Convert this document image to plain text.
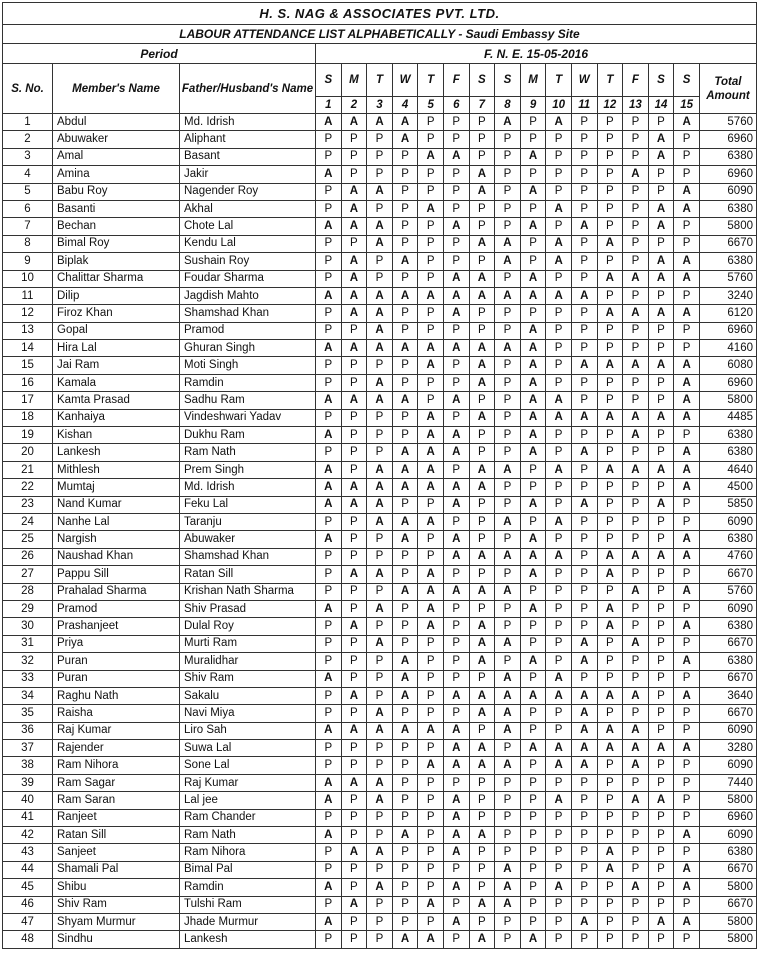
H. S. NAG & ASSOCIATES PVT. LTD.																		
LABOUR ATTENDANCE LIST ALPHABETICALLY - Saudi Embassy Site																		
Period			F. N. E. 15-05-2016															
S. No.	Member's Name	Father/Husband's Name	S	M	T	W	T	F	S	S	M	T	W	T	F	S	S	Total Amount
			1	2	3	4	5	6	7	8	9	10	11	12	13	14	15	
1	Abdul	Md. Idrish	A	A	A	A	P	P	P	A	P	A	P	P	P	P	A	5760
2	Abuwaker	Aliphant	P	P	P	A	P	P	P	P	P	P	P	P	P	A	P	6960
3	Amal	Basant	P	P	P	P	A	A	P	P	A	P	P	P	P	A	P	6380
4	Amina	Jakir	A	P	P	P	P	P	A	P	P	P	P	P	A	P	P	6960
5	Babu Roy	Nagender Roy	P	A	A	P	P	P	A	P	A	P	P	P	P	P	A	6090
6	Basanti	Akhal	P	A	P	P	A	P	P	P	P	A	P	P	P	A	A	6380
7	Bechan	Chote Lal	A	A	A	P	P	A	P	P	A	P	A	P	P	A	P	5800
8	Bimal Roy	Kendu Lal	P	P	A	P	P	P	A	A	P	A	P	A	P	P	P	6670
9	Biplak	Sushain Roy	P	A	P	A	P	P	P	A	P	A	P	P	P	A	A	6380
10	Chalittar Sharma	Foudar Sharma	P	A	P	P	P	A	A	P	A	P	P	A	A	A	A	5760
11	Dilip	Jagdish Mahto	A	A	A	A	A	A	A	A	A	A	A	P	P	P	P	3240
12	Firoz Khan	Shamshad Khan	P	A	A	P	P	A	P	P	P	P	P	A	A	A	A	6120
13	Gopal	Pramod	P	P	A	P	P	P	P	P	A	P	P	P	P	P	P	6960
14	Hira Lal	Ghuran Singh	A	A	A	A	A	A	A	A	A	P	P	P	P	P	P	4160
15	Jai Ram	Moti Singh	P	P	P	P	A	P	A	P	A	P	A	A	A	A	A	6080
16	Kamala	Ramdin	P	P	A	P	P	P	A	P	A	P	P	P	P	P	A	6960
17	Kamta Prasad	Sadhu Ram	A	A	A	A	P	A	P	P	A	A	P	P	P	P	A	5800
18	Kanhaiya	Vindeshwari Yadav	P	P	P	P	A	P	A	P	A	A	A	A	A	A	A	4485
19	Kishan	Dukhu Ram	A	P	P	P	A	A	P	P	A	P	P	P	A	P	P	6380
20	Lankesh	Ram Nath	P	P	P	A	A	A	P	P	A	P	A	P	P	P	A	6380
21	Mithlesh	Prem Singh	A	P	A	A	A	P	A	A	P	A	P	A	A	A	A	4640
22	Mumtaj	Md. Idrish	A	A	A	A	A	A	A	P	P	P	P	P	P	P	A	4500
23	Nand Kumar	Feku Lal	A	A	A	P	P	A	P	P	A	P	A	P	P	A	P	5850
24	Nanhe Lal	Taranju	P	P	A	A	A	P	P	A	P	A	P	P	P	P	P	6090
25	Nargish	Abuwaker	A	P	P	A	P	A	P	P	A	P	P	P	P	P	A	6380
26	Naushad Khan	Shamshad Khan	P	P	P	P	P	A	A	A	A	A	P	A	A	A	A	4760
27	Pappu Sill	Ratan Sill	P	A	A	P	A	P	P	P	A	P	P	A	P	P	P	6670
28	Prahalad Sharma	Krishan Nath Sharma	P	P	P	A	A	A	A	A	P	P	P	P	A	P	A	5760
29	Pramod	Shiv Prasad	A	P	A	P	A	P	P	P	A	P	P	A	P	P	P	6090
30	Prashanjeet	Dulal Roy	P	A	P	P	A	P	A	P	P	P	P	A	P	P	A	6380
31	Priya	Murti Ram	P	P	A	P	P	P	A	A	P	P	A	P	A	P	P	6670
32	Puran	Muralidhar	P	P	P	A	P	P	A	P	A	P	A	P	P	P	A	6380
33	Puran	Shiv Ram	A	P	P	A	P	P	P	A	P	A	P	P	P	P	P	6670
34	Raghu Nath	Sakalu	P	A	P	A	P	A	A	A	A	A	A	A	A	P	A	3640
35	Raisha	Navi Miya	P	P	A	P	P	P	A	A	P	P	A	P	P	P	P	6670
36	Raj Kumar	Liro Sah	A	A	A	A	A	A	P	A	P	P	A	A	A	P	P	6090
37	Rajender	Suwa Lal	P	P	P	P	P	A	A	P	A	A	A	A	A	A	A	3280
38	Ram Nihora	Sone Lal	P	P	P	P	A	A	A	A	P	A	A	P	A	P	P	6090
39	Ram Sagar	Raj Kumar	A	A	A	P	P	P	P	P	P	P	P	P	P	P	P	7440
40	Ram Saran	Lal jee	A	P	A	P	P	A	P	P	P	A	P	P	A	A	P	5800
41	Ranjeet	Ram Chander	P	P	P	P	P	A	P	P	P	P	P	P	P	P	P	6960
42	Ratan Sill	Ram Nath	A	P	P	A	P	A	A	P	P	P	P	P	P	P	A	6090
43	Sanjeet	Ram Nihora	P	A	A	P	P	A	P	P	P	P	P	A	P	P	P	6380
44	Shamali Pal	Bimal Pal	P	P	P	P	P	P	P	A	P	P	P	A	P	P	A	6670
45	Shibu	Ramdin	A	P	A	P	P	A	P	A	P	A	P	P	A	P	A	5800
46	Shiv Ram	Tulshi Ram	P	A	P	P	A	P	A	A	P	P	P	P	P	P	P	6670
47	Shyam Murmur	Jhade Murmur	A	P	P	P	P	A	P	P	P	P	A	P	P	A	A	5800
48	Sindhu	Lankesh	P	P	P	A	A	P	A	P	A	P	P	P	P	P	P	5800
